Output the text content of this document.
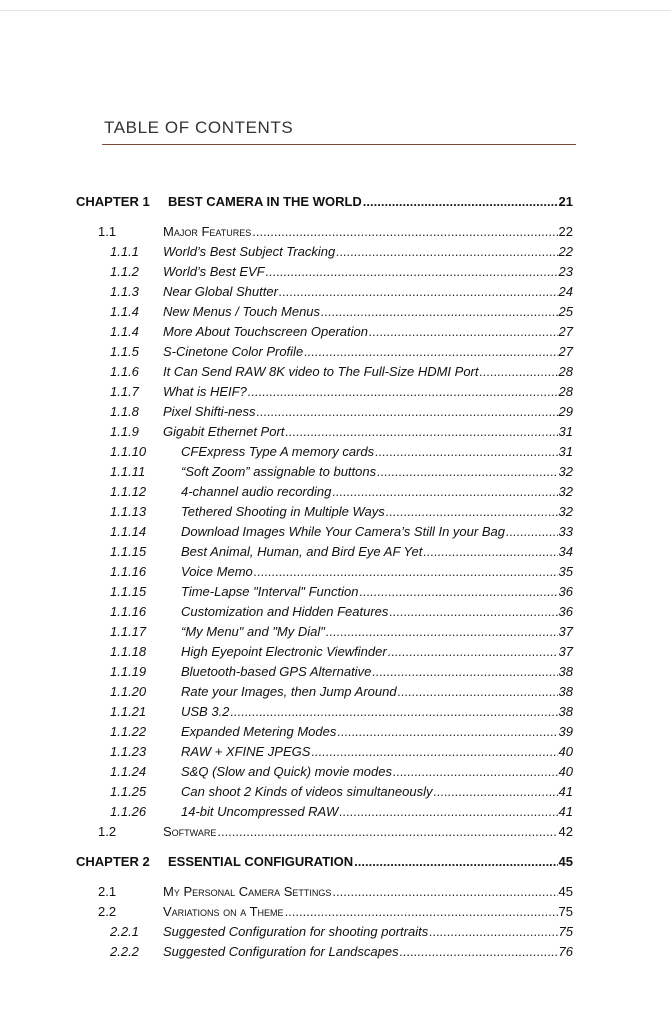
TABLE OF CONTENTS
CHAPTER 1 BEST CAMERA IN THE WORLD .....	21
1.1	Major Features .....	22
1.1.1 World’s Best Subject Tracking .....	22
1.1.2 World’s Best EVF .....	23
1.1.3 Near Global Shutter .....	24
1.1.4 New Menus / Touch Menus .....	25
1.1.4 More About Touchscreen Operation .....	27
1.1.5 S-Cinetone Color Profile .....	27
1.1.6 It Can Send RAW 8K video to The Full-Size HDMI Port .....	28
1.1.7 What is HEIF? .....	28
1.1.8 Pixel Shifti-ness .....	29
1.1.9 Gigabit Ethernet Port .....	31
1.1.10	CFExpress Type A memory cards .....	31
1.1.11	“Soft Zoom” assignable to buttons .....	32
1.1.12	4-channel audio recording .....	32
1.1.13	Tethered Shooting in Multiple Ways .....	32
1.1.14	Download Images While Your Camera’s Still In your Bag .....	33
1.1.15	Best Animal, Human, and Bird Eye AF Yet .....	34
1.1.16	Voice Memo .....	35
1.1.15	Time-Lapse "Interval" Function .....	36
1.1.16	Customization and Hidden Features .....	36
1.1.17	“My Menu" and "My Dial" .....	37
1.1.18	High Eyepoint Electronic Viewfinder .....	37
1.1.19	Bluetooth-based GPS Alternative .....	38
1.1.20	Rate your Images, then Jump Around .....	38
1.1.21	USB 3.2 .....	38
1.1.22	Expanded Metering Modes .....	39
1.1.23	RAW + XFINE JPEGS .....	40
1.1.24	S&Q (Slow and Quick) movie modes .....	40
1.1.25	Can shoot 2 Kinds of videos simultaneously .....	41
1.1.26	14-bit Uncompressed RAW .....	41
1.2	Software .....	42
CHAPTER 2 ESSENTIAL CONFIGURATION .....	45
2.1	My Personal Camera Settings .....	45
2.2	Variations on a Theme .....	75
2.2.1 Suggested Configuration for shooting portraits .....	75
2.2.2 Suggested Configuration for Landscapes .....	76
